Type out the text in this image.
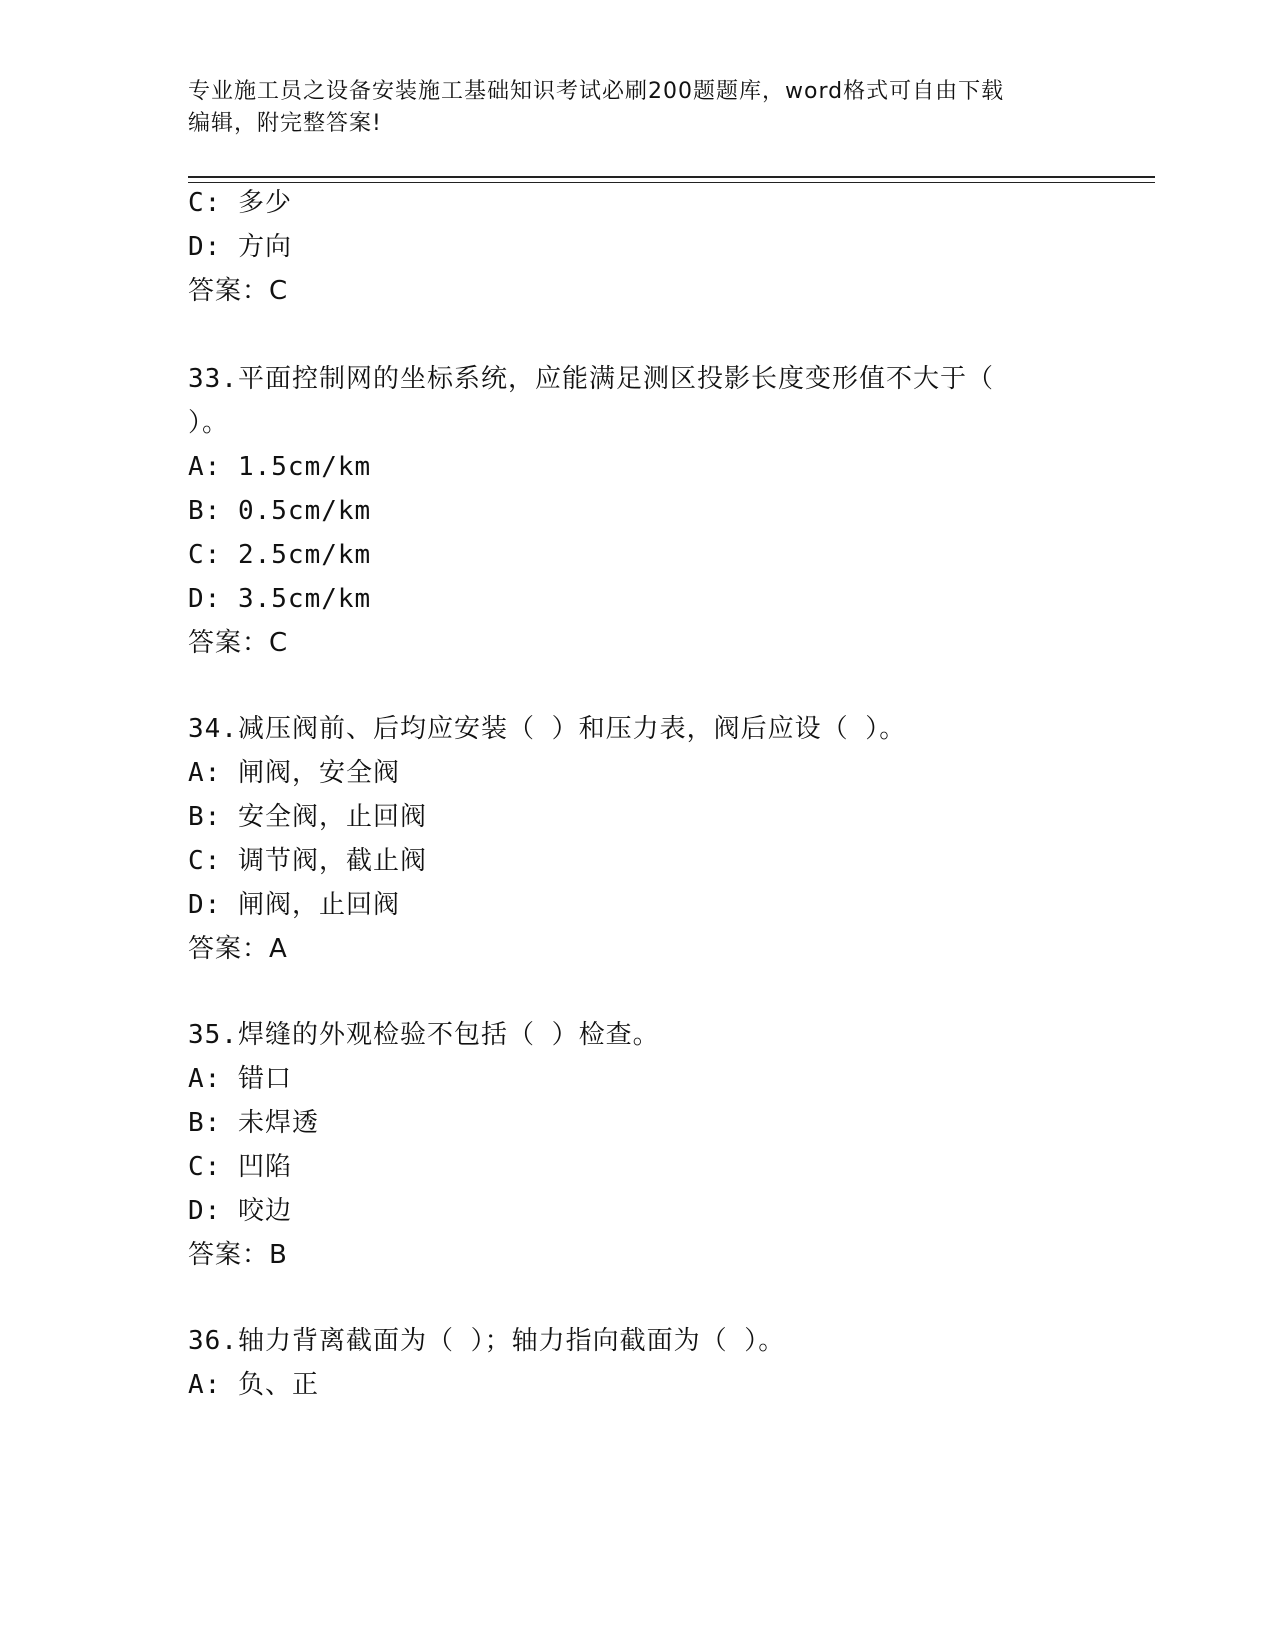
专业施工员之设备安装施工基础知识考试必刷200题题库，word格式可自由下载
编辑，附完整答案!
C: 多少
D: 方向
答案：C
33.平面控制网的坐标系统，应能满足测区投影长度变形值不大于（
）。
A: 1.5cm/km
B: 0.5cm/km
C: 2.5cm/km
D: 3.5cm/km
答案：C
34.减压阀前、后均应安装（ ）和压力表，阀后应设（ ）。
A: 闸阀，安全阀
B: 安全阀，止回阀
C: 调节阀，截止阀
D: 闸阀，止回阀
答案：A
35.焊缝的外观检验不包括（ ）检查。
A: 错口
B: 未焊透
C: 凹陷
D: 咬边
答案：B
36.轴力背离截面为（ ）；轴力指向截面为（ ）。
A: 负、正
